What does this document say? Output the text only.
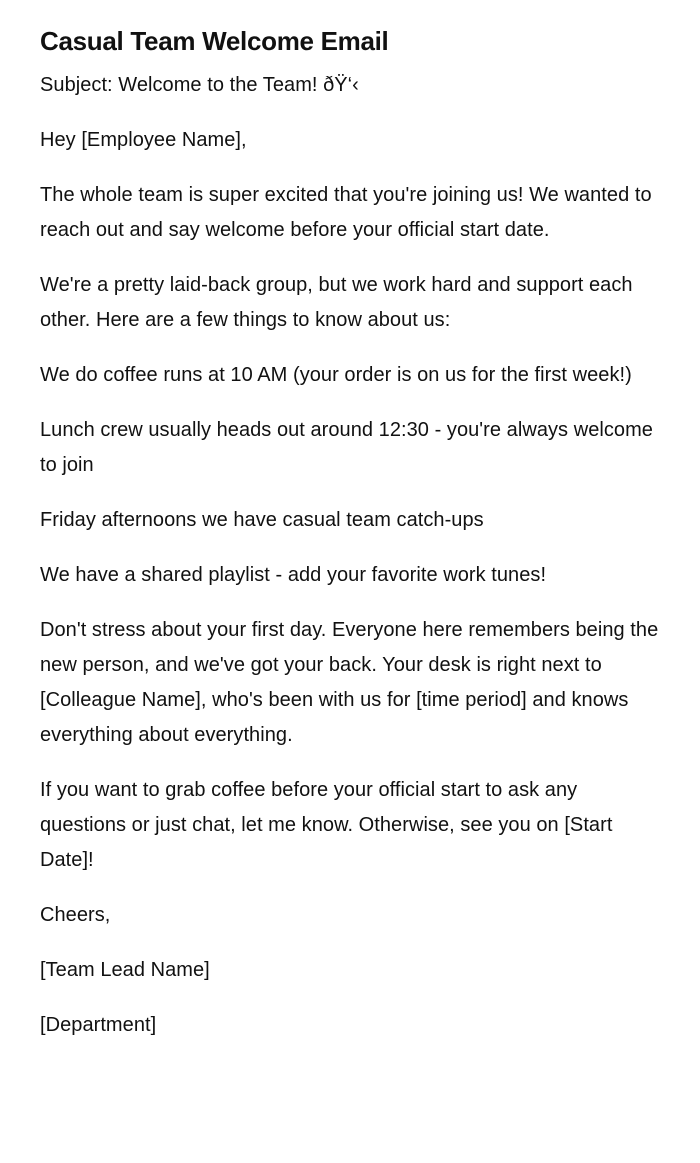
Casual Team Welcome Email

Subject: Welcome to the Team! ðŸ‘‹

Hey [Employee Name],

The whole team is super excited that you're joining us! We wanted to reach out and say welcome before your official start date.

We're a pretty laid-back group, but we work hard and support each other. Here are a few things to know about us:

We do coffee runs at 10 AM (your order is on us for the first week!)

Lunch crew usually heads out around 12:30 - you're always welcome to join

Friday afternoons we have casual team catch-ups

We have a shared playlist - add your favorite work tunes!

Don't stress about your first day. Everyone here remembers being the new person, and we've got your back. Your desk is right next to [Colleague Name], who's been with us for [time period] and knows everything about everything.

If you want to grab coffee before your official start to ask any questions or just chat, let me know. Otherwise, see you on [Start Date]!

Cheers,

[Team Lead Name]

[Department]
